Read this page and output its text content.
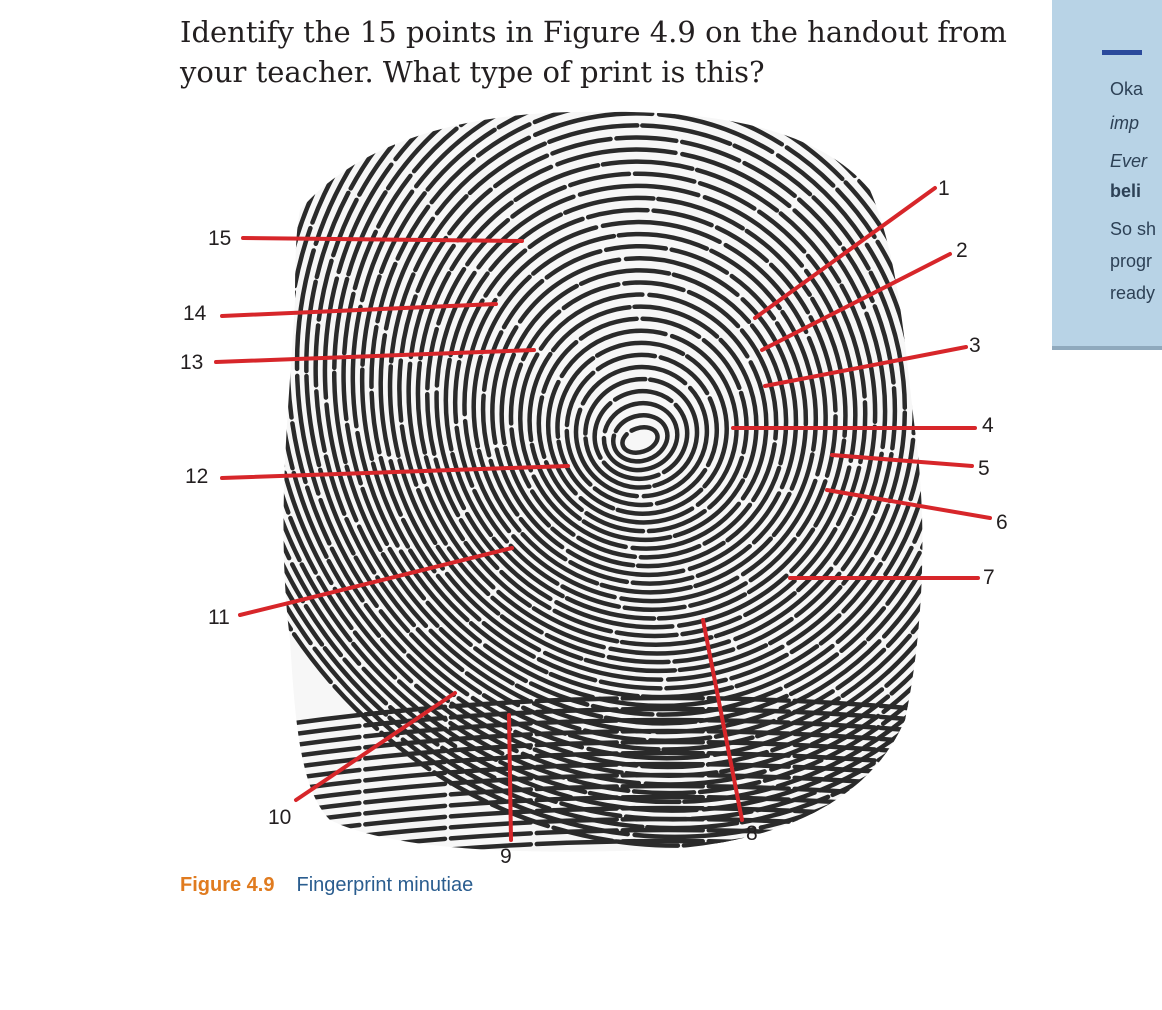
Identify the 15 points in Figure 4.9 on the handout from your teacher. What type of print is this?

1
2
3
4
5
6
7
8
9
10
11
12
13
14
15
Figure 4.9 Fingerprint minutiae
Oka
imp
Ever
beli
So sh
progr
ready
